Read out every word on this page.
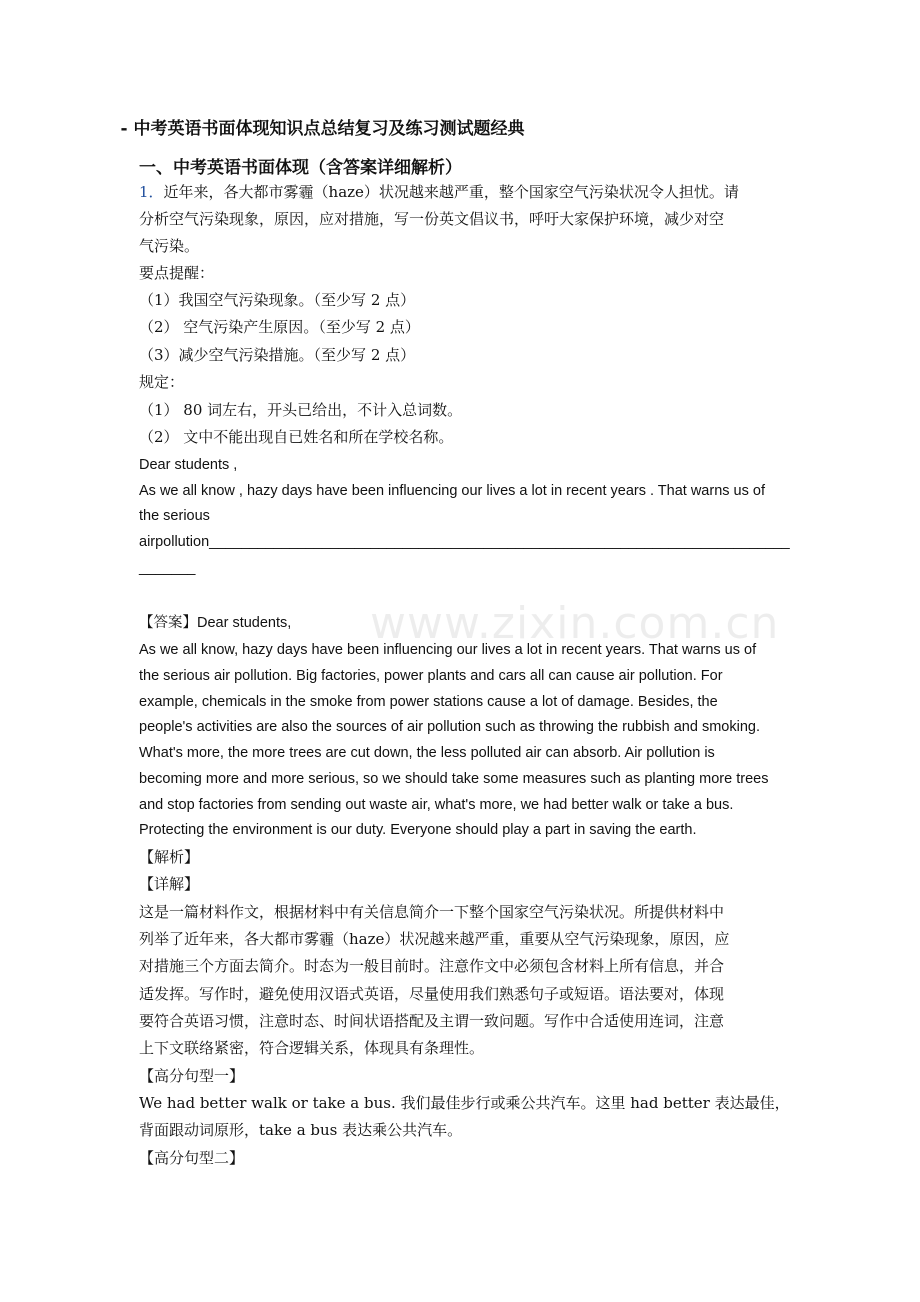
- 中考英语书面体现知识点总结复习及练习测试题经典
www.zixin.com.cn
一、中考英语书面体现（含答案详细解析）
1．近年来，各大都市雾霾（haze）状况越来越严重，整个国家空气污染状况令人担忧。请
分析空气污染现象，原因，应对措施，写一份英文倡议书，呼吁大家保护环境，减少对空
气污染。
要点提醒：
（1）我国空气污染现象。（至少写 2 点）
（2） 空气污染产生原因。（至少写 2 点）
（3）减少空气污染措施。（至少写 2 点）
规定：
（1） 80 词左右，开头已给出，不计入总词数。
（2） 文中不能出现自已姓名和所在学校名称。
Dear students ,
As we all know , hazy days have been influencing our lives a lot in recent years . That warns us of
the serious
airpollution________________________________________________________________________
_______
【答案】Dear students,
As we all know, hazy days have been influencing our lives a lot in recent years. That warns us of
the serious air pollution. Big factories, power plants and cars all can cause air pollution. For
example, chemicals in the smoke from power stations cause a lot of damage. Besides, the
people's activities are also the sources of air pollution such as throwing the rubbish and smoking.
What's more, the more trees are cut down, the less polluted air can absorb. Air pollution is
becoming more and more serious, so we should take some measures such as planting more trees
and stop factories from sending out waste air, what's more, we had better walk or take a bus.
Protecting the environment is our duty. Everyone should play a part in saving the earth.
【解析】
【详解】
这是一篇材料作文，根据材料中有关信息简介一下整个国家空气污染状况。所提供材料中
列举了近年来，各大都市雾霾（haze）状况越来越严重，重要从空气污染现象，原因，应
对措施三个方面去简介。时态为一般目前时。注意作文中必须包含材料上所有信息，并合
适发挥。写作时，避免使用汉语式英语，尽量使用我们熟悉句子或短语。语法要对，体现
要符合英语习惯，注意时态、时间状语搭配及主谓一致问题。写作中合适使用连词，注意
上下文联络紧密，符合逻辑关系，体现具有条理性。
【高分句型一】
We had better walk or take a bus. 我们最佳步行或乘公共汽车。这里 had better 表达最佳，
背面跟动词原形，take a bus 表达乘公共汽车。
【高分句型二】
